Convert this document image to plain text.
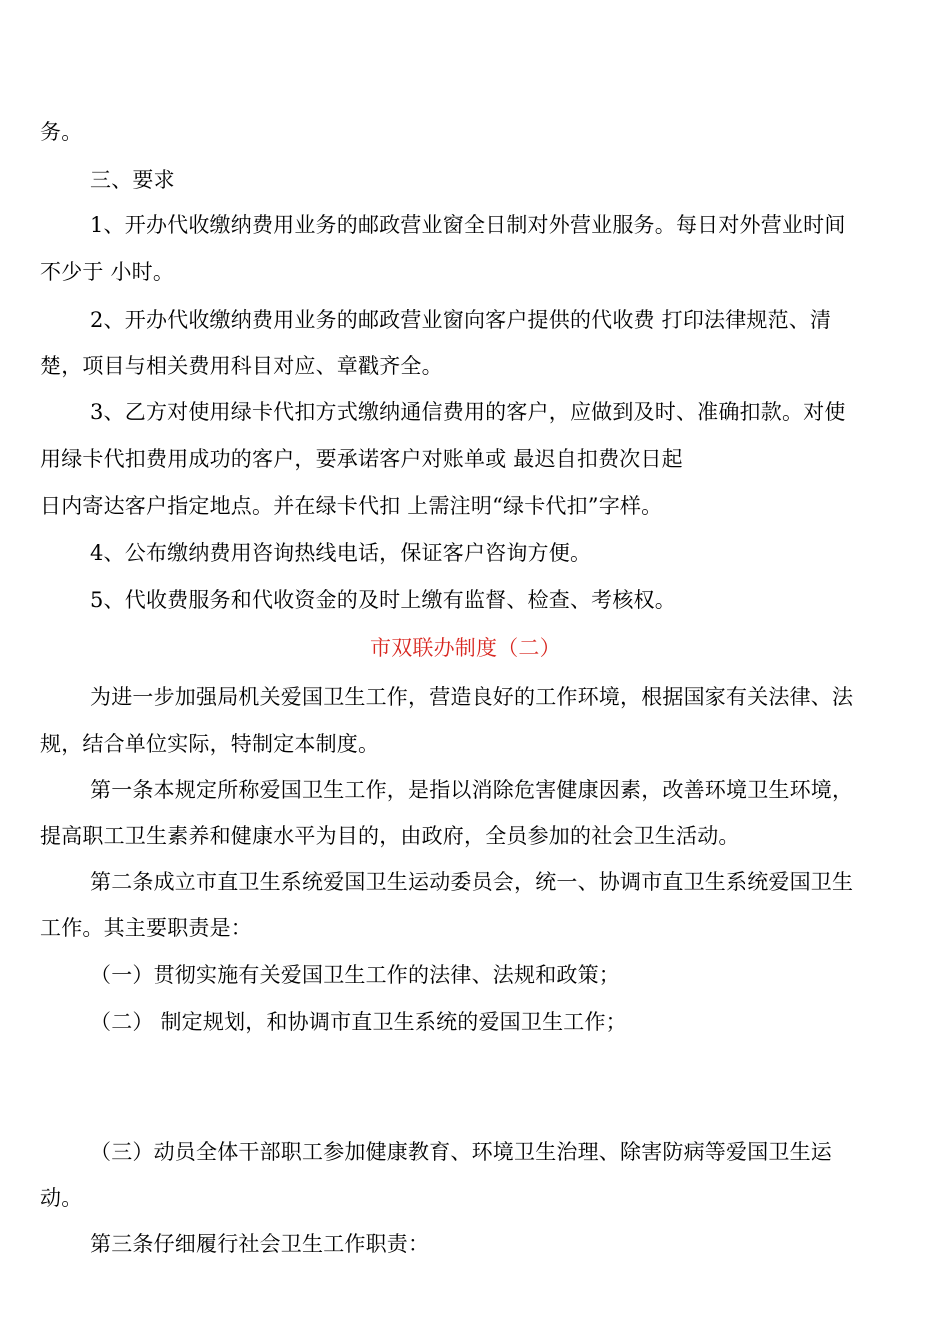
务。
三、要求
1、开办代收缴纳费用业务的邮政营业窗全日制对外营业服务。每日对外营业时间
不少于 小时。
2、开办代收缴纳费用业务的邮政营业窗向客户提供的代收费 打印法律规范、清
楚，项目与相关费用科目对应、章戳齐全。
3、乙方对使用绿卡代扣方式缴纳通信费用的客户，应做到及时、准确扣款。对使
用绿卡代扣费用成功的客户，要承诺客户对账单或 最迟自扣费次日起
日内寄达客户指定地点。并在绿卡代扣 上需注明“绿卡代扣”字样。
4、公布缴纳费用咨询热线电话，保证客户咨询方便。
5、代收费服务和代收资金的及时上缴有监督、检查、考核权。
市双联办制度（二）
为进一步加强局机关爱国卫生工作，营造良好的工作环境，根据国家有关法律、法
规，结合单位实际，特制定本制度。
第一条本规定所称爱国卫生工作，是指以消除危害健康因素，改善环境卫生环境，
提高职工卫生素养和健康水平为目的，由政府，全员参加的社会卫生活动。
第二条成立市直卫生系统爱国卫生运动委员会，统一、协调市直卫生系统爱国卫生
工作。其主要职责是：
（一）贯彻实施有关爱国卫生工作的法律、法规和政策；
（二） 制定规划，和协调市直卫生系统的爱国卫生工作；
（三）动员全体干部职工参加健康教育、环境卫生治理、除害防病等爱国卫生运
动。
第三条仔细履行社会卫生工作职责：
